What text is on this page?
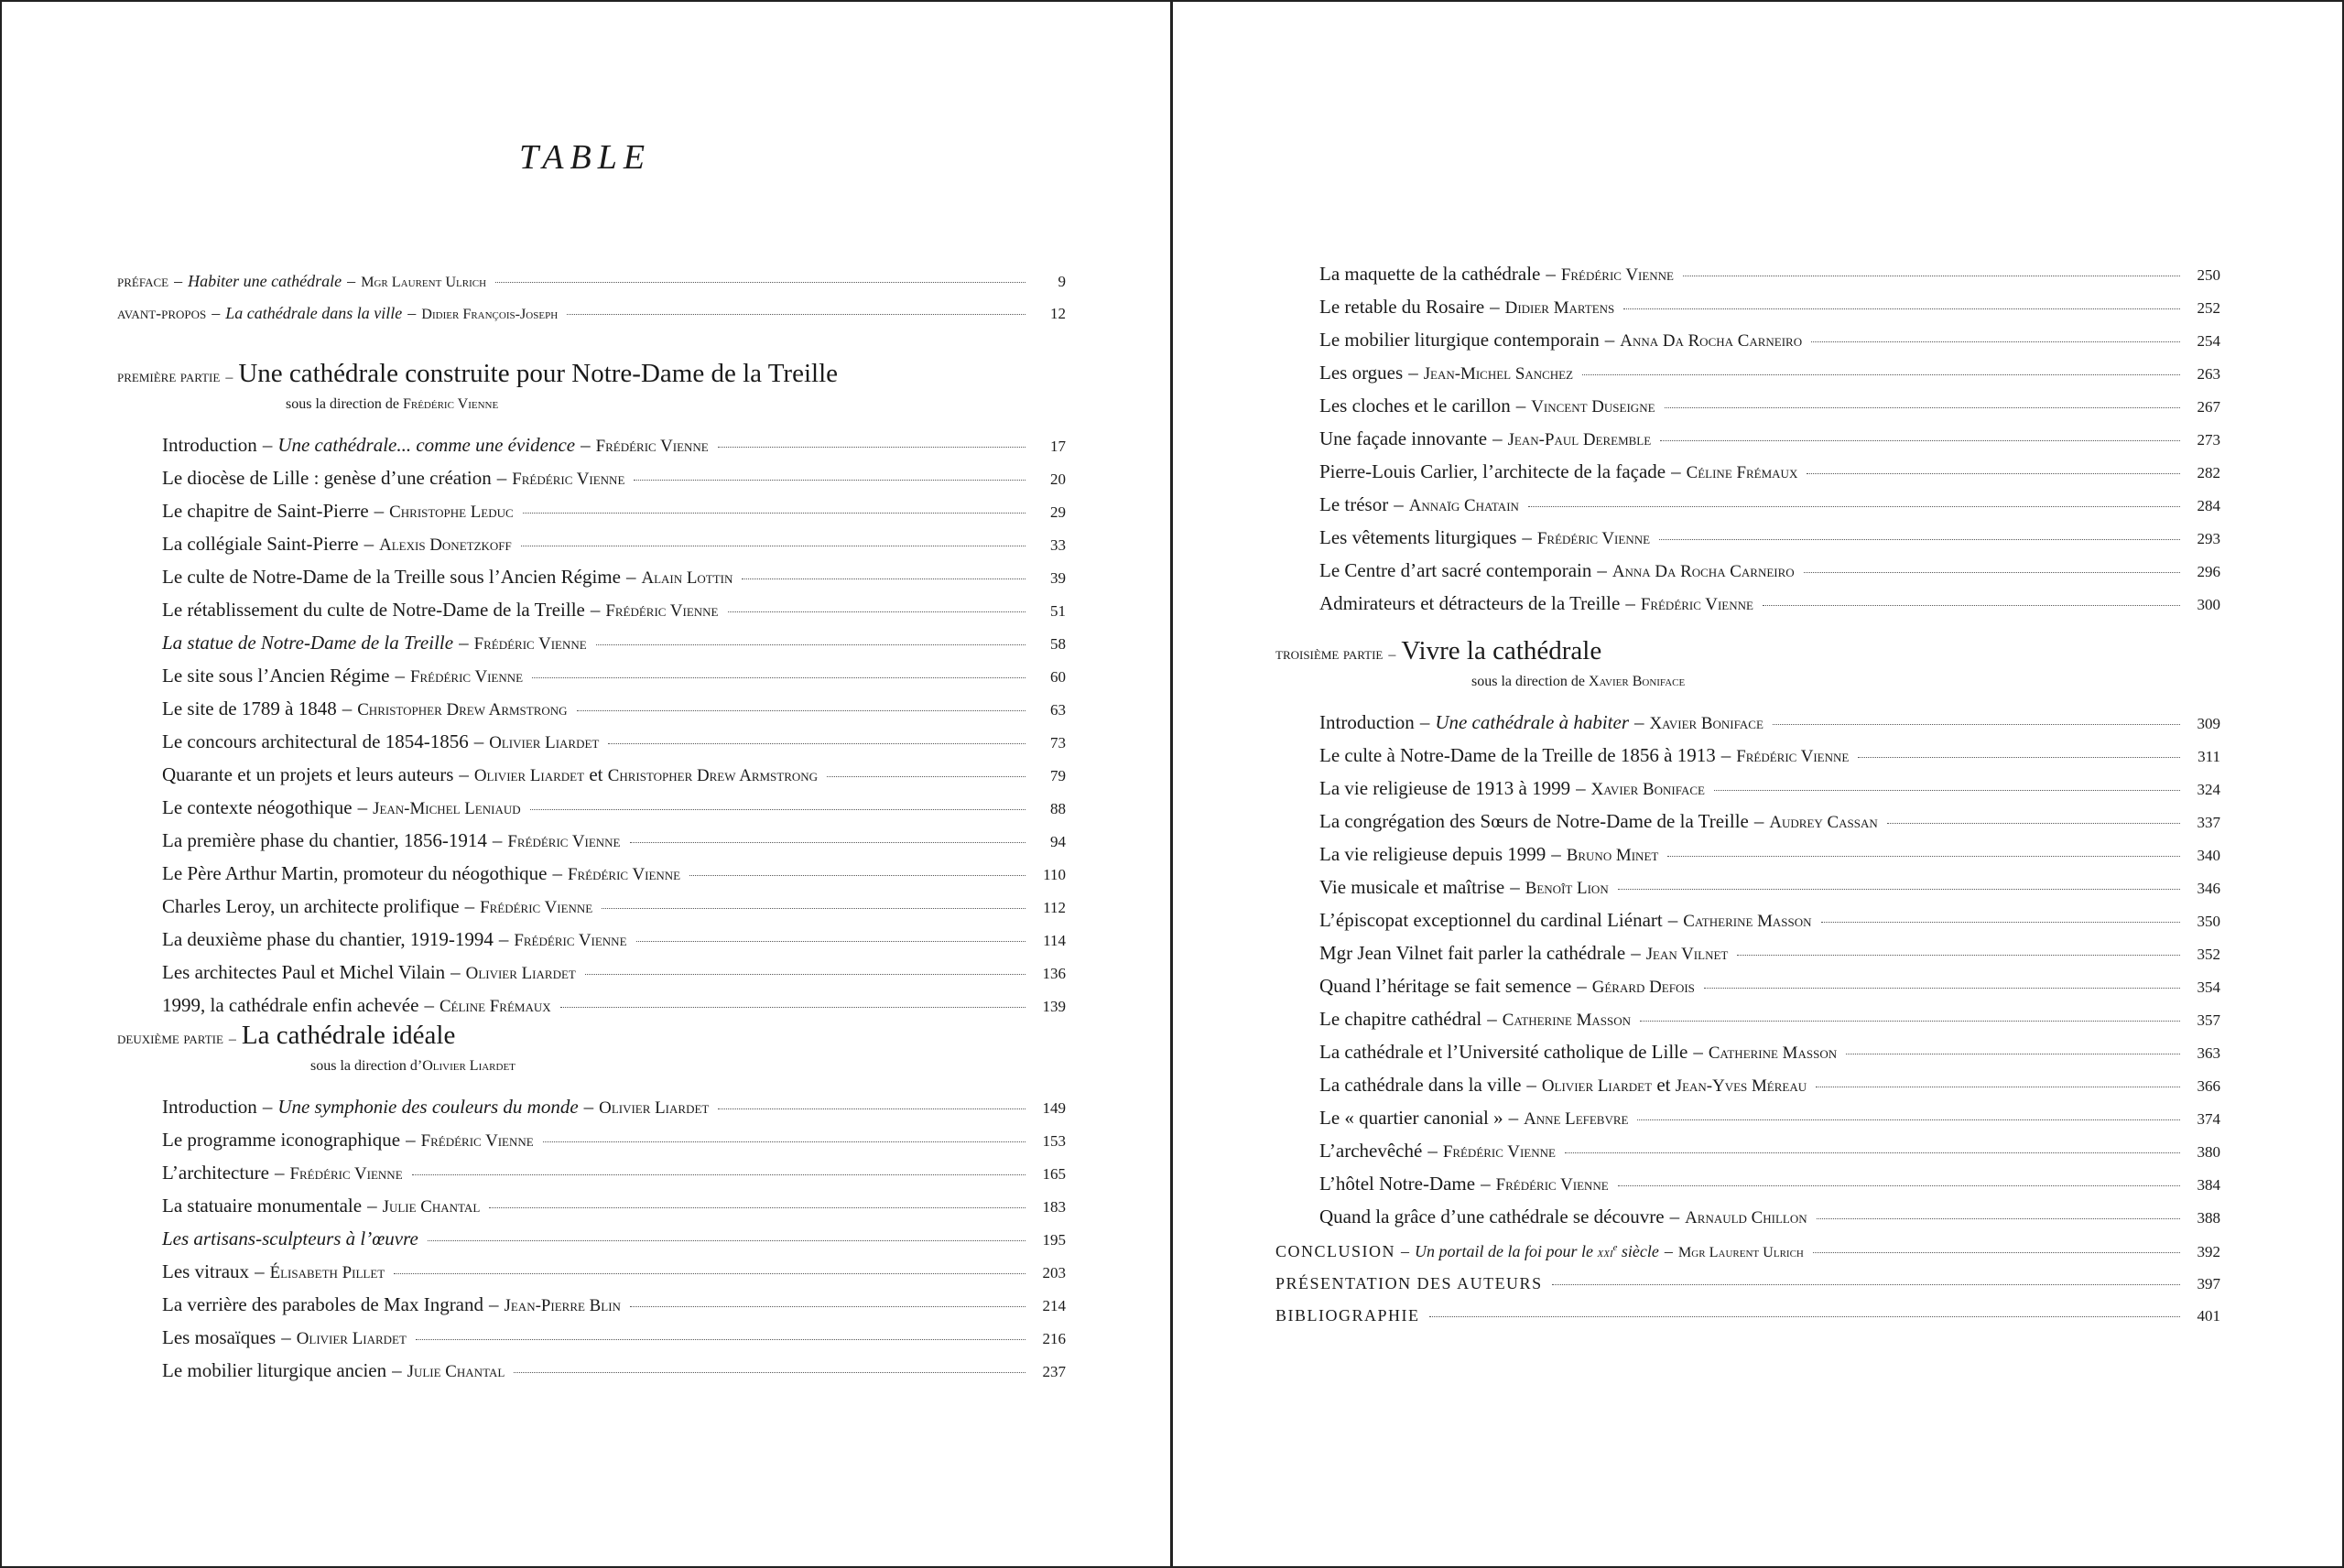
TABLE
préface – Habiter une cathédrale – Mgr Laurent Ulrich	9
avant-propos – La cathédrale dans la ville – Didier François-Joseph	12
première partie – Une cathédrale construite pour Notre-Dame de la Treille
sous la direction de Frédéric Vienne
Introduction – Une cathédrale... comme une évidence – Frédéric Vienne	17
Le diocèse de Lille : genèse d’une création – Frédéric Vienne	20
Le chapitre de Saint-Pierre – Christophe Leduc	29
La collégiale Saint-Pierre – Alexis Donetzkoff	33
Le culte de Notre-Dame de la Treille sous l’Ancien Régime – Alain Lottin	39
Le rétablissement du culte de Notre-Dame de la Treille – Frédéric Vienne	51
La statue de Notre-Dame de la Treille – Frédéric Vienne	58
Le site sous l’Ancien Régime – Frédéric Vienne	60
Le site de 1789 à 1848 – Christopher Drew Armstrong	63
Le concours architectural de 1854-1856 – Olivier Liardet	73
Quarante et un projets et leurs auteurs – Olivier Liardet et Christopher Drew Armstrong	79
Le contexte néogothique – Jean-Michel Leniaud	88
La première phase du chantier, 1856-1914 – Frédéric Vienne	94
Le Père Arthur Martin, promoteur du néogothique – Frédéric Vienne	110
Charles Leroy, un architecte prolifique – Frédéric Vienne	112
La deuxième phase du chantier, 1919-1994 – Frédéric Vienne	114
Les architectes Paul et Michel Vilain – Olivier Liardet	136
1999, la cathédrale enfin achevée – Céline Frémaux	139
deuxième partie – La cathédrale idéale
sous la direction d’Olivier Liardet
Introduction – Une symphonie des couleurs du monde – Olivier Liardet	149
Le programme iconographique – Frédéric Vienne	153
L’architecture – Frédéric Vienne	165
La statuaire monumentale – Julie Chantal	183
Les artisans-sculpteurs à l’œuvre	195
Les vitraux – Élisabeth Pillet	203
La verrière des paraboles de Max Ingrand – Jean-Pierre Blin	214
Les mosaïques – Olivier Liardet	216
Le mobilier liturgique ancien – Julie Chantal	237
La maquette de la cathédrale – Frédéric Vienne	250
Le retable du Rosaire – Didier Martens	252
Le mobilier liturgique contemporain – Anna Da Rocha Carneiro	254
Les orgues – Jean-Michel Sanchez	263
Les cloches et le carillon – Vincent Duseigne	267
Une façade innovante – Jean-Paul Deremble	273
Pierre-Louis Carlier, l’architecte de la façade – Céline Frémaux	282
Le trésor – Annaïg Chatain	284
Les vêtements liturgiques – Frédéric Vienne	293
Le Centre d’art sacré contemporain – Anna Da Rocha Carneiro	296
Admirateurs et détracteurs de la Treille – Frédéric Vienne	300
troisième partie – Vivre la cathédrale
sous la direction de Xavier Boniface
Introduction – Une cathédrale à habiter – Xavier Boniface	309
Le culte à Notre-Dame de la Treille de 1856 à 1913 – Frédéric Vienne	311
La vie religieuse de 1913 à 1999 – Xavier Boniface	324
La congrégation des Sœurs de Notre-Dame de la Treille – Audrey Cassan	337
La vie religieuse depuis 1999 – Bruno Minet	340
Vie musicale et maîtrise – Benoît Lion	346
L’épiscopat exceptionnel du cardinal Liénart – Catherine Masson	350
Mgr Jean Vilnet fait parler la cathédrale – Jean Vilnet	352
Quand l’héritage se fait semence – Gérard Defois	354
Le chapitre cathédral – Catherine Masson	357
La cathédrale et l’Université catholique de Lille – Catherine Masson	363
La cathédrale dans la ville – Olivier Liardet et Jean-Yves Méreau	366
Le « quartier canonial » – Anne Lefebvre	374
L’archevêché – Frédéric Vienne	380
L’hôtel Notre-Dame – Frédéric Vienne	384
Quand la grâce d’une cathédrale se découvre – Arnauld Chillon	388
CONCLUSION – Un portail de la foi pour le xxi$^e$ siècle – Mgr Laurent Ulrich	392
PRÉSENTATION DES AUTEURS	397
BIBLIOGRAPHIE	401
